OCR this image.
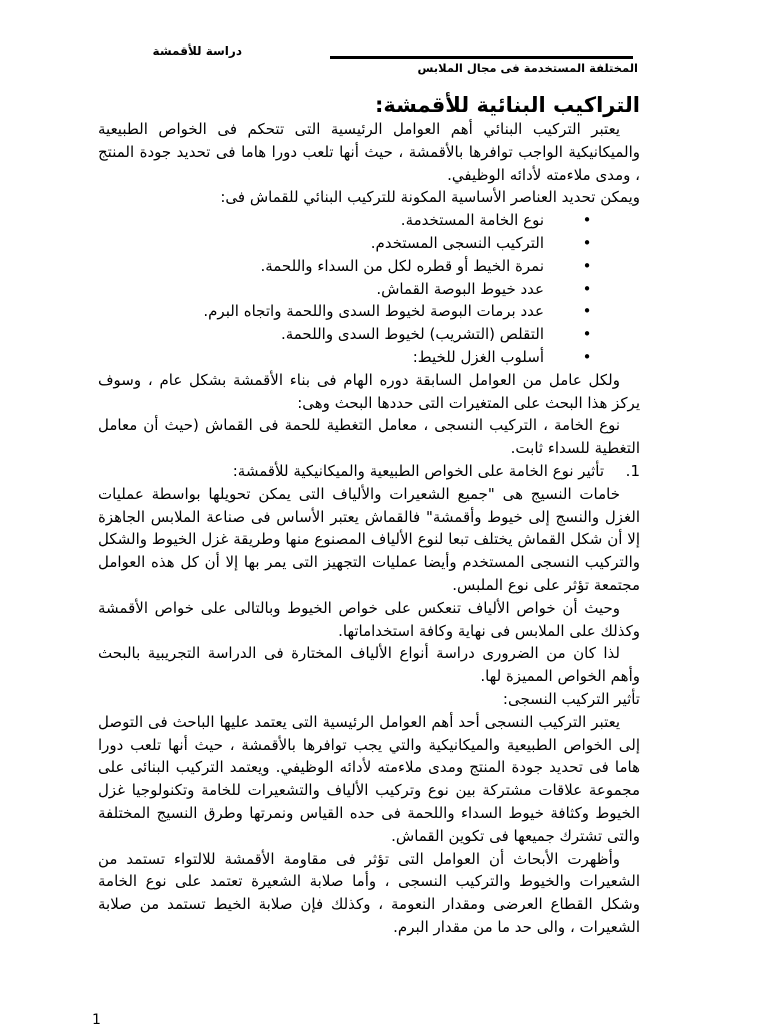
دراسة للأقمشة
المختلفة المستخدمة فى مجال الملابس
التراكيب البنائية للأقمشة:

يعتبر التركيب البنائي أهم العوامل الرئيسية التى تتحكم فى الخواص الطبيعية والميكانيكية الواجب توافرها بالأقمشة ، حيث أنها تلعب دورا هاما فى تحديد جودة المنتج ، ومدى ملاءمته لأدائه الوظيفي.

ويمكن تحديد العناصر الأساسية المكونة للتركيب البنائي للقماش فى:

•
نوع الخامة المستخدمة.
•
التركيب النسجى المستخدم.
•
نمرة الخيط أو قطره لكل من السداء واللحمة.
•
عدد خيوط البوصة القماش.
•
عدد برمات البوصة لخيوط السدى واللحمة واتجاه البرم.
•
التقلص (التشريب) لخيوط السدى واللحمة.
•
أسلوب الغزل للخيط:

ولكل عامل من العوامل السابقة دوره الهام فى بناء الأقمشة بشكل عام ، وسوف يركز هذا البحث على المتغيرات التى حددها البحث وهى:

نوع الخامة ، التركيب النسجى ، معامل التغطية للحمة فى القماش (حيث أن معامل التغطية للسداء ثابت.

1.
تأثير نوع الخامة على الخواص الطبيعية والميكانيكية للأقمشة:

خامات النسيج هى "جميع الشعيرات والألياف التى يمكن تحويلها بواسطة عمليات الغزل والنسج إلى خيوط وأقمشة" فالقماش يعتبر الأساس فى صناعة الملابس الجاهزة إلا أن شكل القماش يختلف تبعا لنوع الألياف المصنوع منها وطريقة غزل الخيوط والشكل والتركيب النسجى المستخدم وأيضا عمليات التجهيز التى يمر بها إلا أن كل هذه العوامل مجتمعة تؤثر على نوع الملبس.

وحيث أن خواص الألياف تنعكس على خواص الخيوط وبالتالى على خواص الأقمشة وكذلك على الملابس فى نهاية وكافة استخداماتها.

لذا كان من الضرورى دراسة أنواع الألياف المختارة فى الدراسة التجريبية بالبحث وأهم الخواص المميزة لها.

تأثير التركيب النسجى:

يعتبر التركيب النسجى أحد أهم العوامل الرئيسية التى يعتمد عليها الباحث فى التوصل إلى الخواص الطبيعية والميكانيكية والتي يجب توافرها بالأقمشة ، حيث أنها تلعب دورا هاما فى تحديد جودة المنتج ومدى ملاءمته لأدائه الوظيفي. ويعتمد التركيب البنائى على مجموعة علاقات مشتركة بين نوع وتركيب الألياف والتشعيرات للخامة وتكنولوجيا غزل الخيوط وكثافة خيوط السداء واللحمة فى حده القياس ونمرتها وطرق النسيج المختلفة والتى تشترك جميعها فى تكوين القماش.

وأظهرت الأبحاث أن العوامل التى تؤثر فى مقاومة الأقمشة للالتواء تستمد من الشعيرات والخيوط والتركيب النسجى ، وأما صلابة الشعيرة تعتمد على نوع الخامة وشكل القطاع العرضى ومقدار النعومة ، وكذلك فإن صلابة الخيط تستمد من صلابة الشعيرات ، والى حد ما من مقدار البرم.

1
